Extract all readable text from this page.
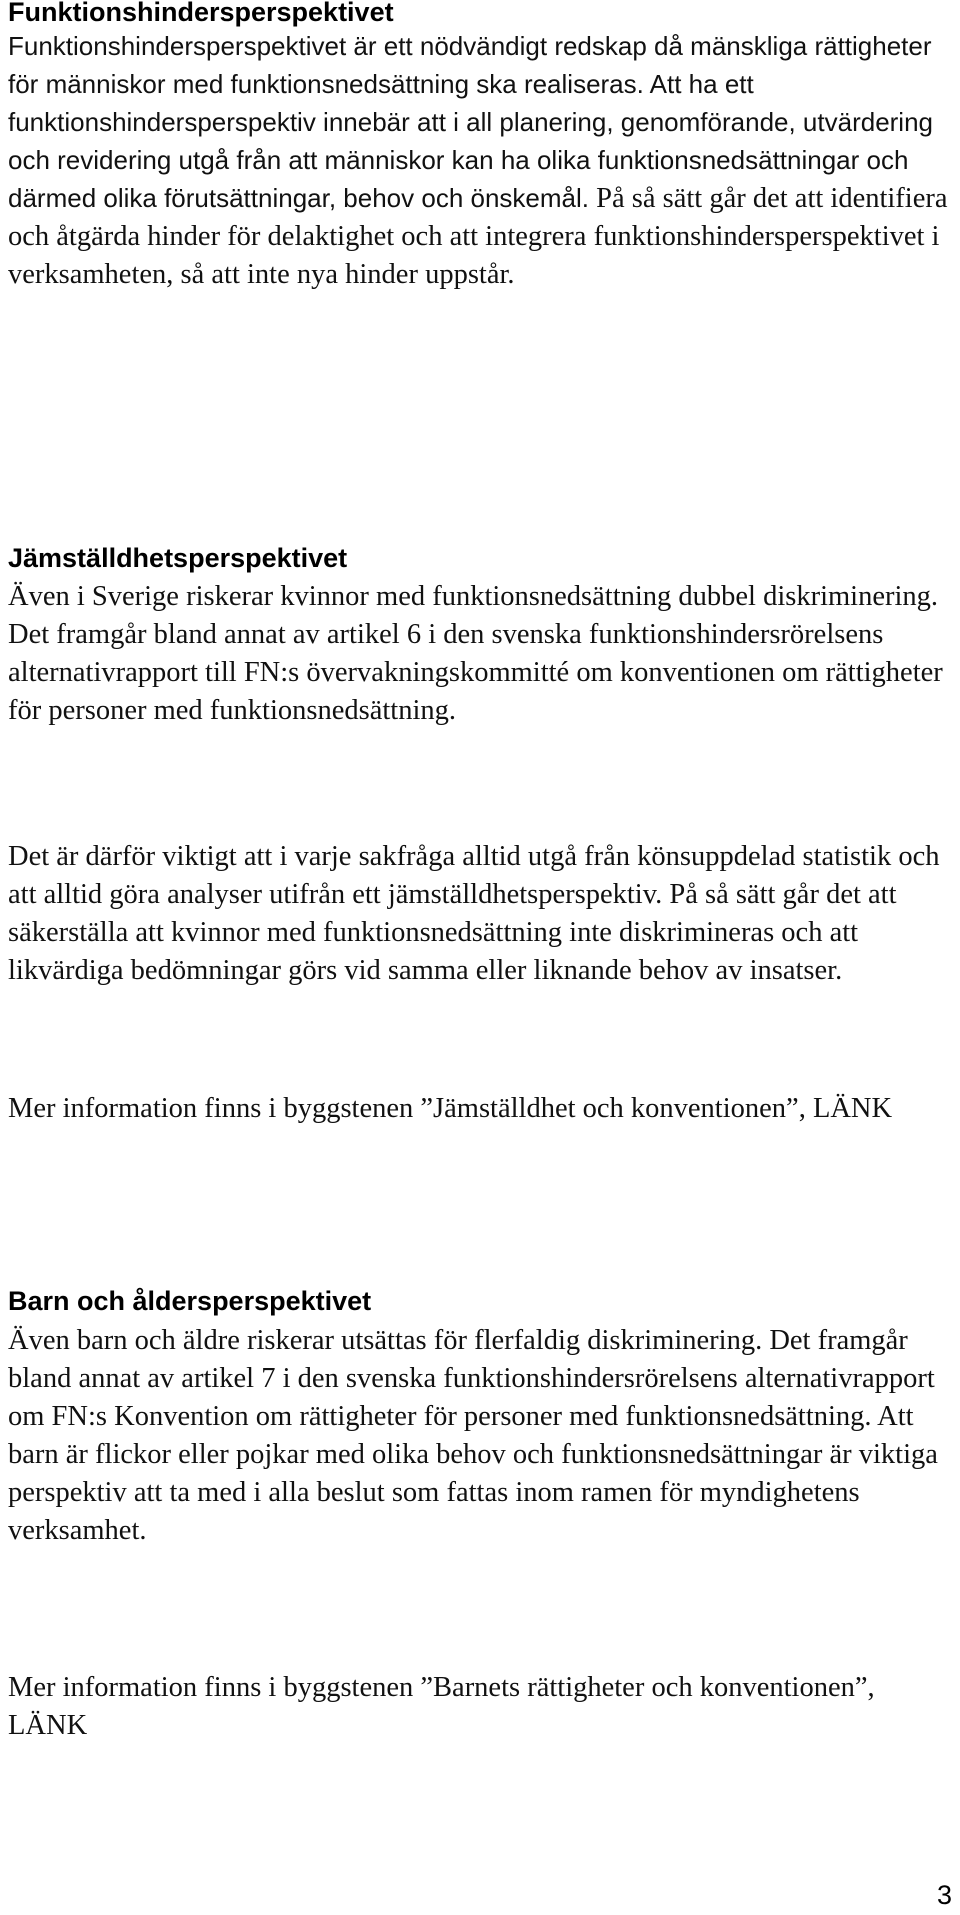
Funktionshindersperspektivet

Funktionshindersperspektivet är ett nödvändigt redskap då mänskliga rättigheter för människor med funktionsnedsättning ska realiseras. Att ha ett funktionshindersperspektiv innebär att i all planering, genomförande, utvärdering och revidering utgå från att människor kan ha olika funktionsnedsättningar och därmed olika förutsättningar, behov och önskemål. På så sätt går det att identifiera och åtgärda hinder för delaktighet och att integrera funktionshindersperspektivet i verksamheten, så att inte nya hinder uppstår.

Jämställdhetsperspektivet

Även i Sverige riskerar kvinnor med funktionsnedsättning dubbel diskriminering. Det framgår bland annat av artikel 6 i den svenska funktionshindersrörelsens alternativrapport till FN:s övervakningskommitté om konventionen om rättigheter för personer med funktionsnedsättning.

Det är därför viktigt att i varje sakfråga alltid utgå från könsuppdelad statistik och att alltid göra analyser utifrån ett jämställdhetsperspektiv. På så sätt går det att säkerställa att kvinnor med funktionsnedsättning inte diskrimineras och att likvärdiga bedömningar görs vid samma eller liknande behov av insatser.

Mer information finns i byggstenen ”Jämställdhet och konventionen”, LÄNK

Barn och åldersperspektivet

Även barn och äldre riskerar utsättas för flerfaldig diskriminering. Det framgår bland annat av artikel 7 i den svenska funktionshindersrörelsens alternativrapport om FN:s Konvention om rättigheter för personer med funktionsnedsättning. Att barn är flickor eller pojkar med olika behov och funktionsnedsättningar är viktiga perspektiv att ta med i alla beslut som fattas inom ramen för myndighetens verksamhet.

Mer information finns i byggstenen ”Barnets rättigheter och konventionen”, LÄNK

3
